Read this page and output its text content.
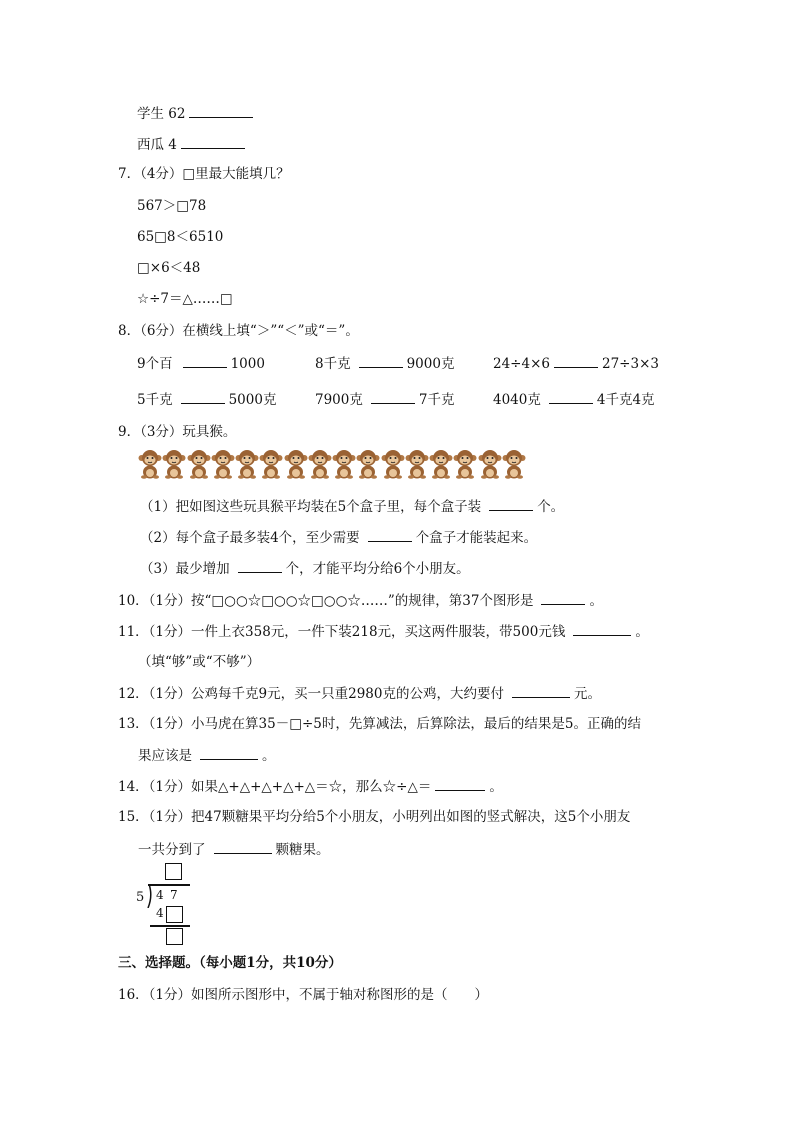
学生 62
西瓜 4
7．（4分）□里最大能填几？
567＞□78
65□8＜6510
□×6＜48
☆÷7＝△……□
8．（6分）在横线上填“＞”“＜”或“＝”。
9个百	1000	8千克	9000克	24÷4×6	27÷3×3
5千克	5000克	7900克	7千克	4040克	4千克4克
9．（3分）玩具猴。
（1）把如图这些玩具猴平均装在5个盒子里，每个盒子装	个。
（2）每个盒子最多装4个，至少需要	个盒子才能装起来。
（3）最少增加	个，才能平均分给6个小朋友。
10．（1分）按“□○○☆□○○☆□○○☆……”的规律，第37个图形是	。
11．（1分）一件上衣358元，一件下装218元，买这两件服装，带500元钱	。
（填“够”或“不够”）
12．（1分）公鸡每千克9元，买一只重2980克的公鸡，大约要付	元。
13．（1分）小马虎在算35－□÷5时，先算减法，后算除法，最后的结果是5。正确的结
果应该是	。
14．（1分）如果△+△+△+△+△＝☆，那么☆÷△＝	。
15．（1分）把47颗糖果平均分给5个小朋友，小明列出如图的竖式解决，这5个小朋友
一共分到了	颗糖果。
5 4 7
4
三、选择题。（每小题1分，共10分）
16．（1分）如图所示图形中，不属于轴对称图形的是（　　）
